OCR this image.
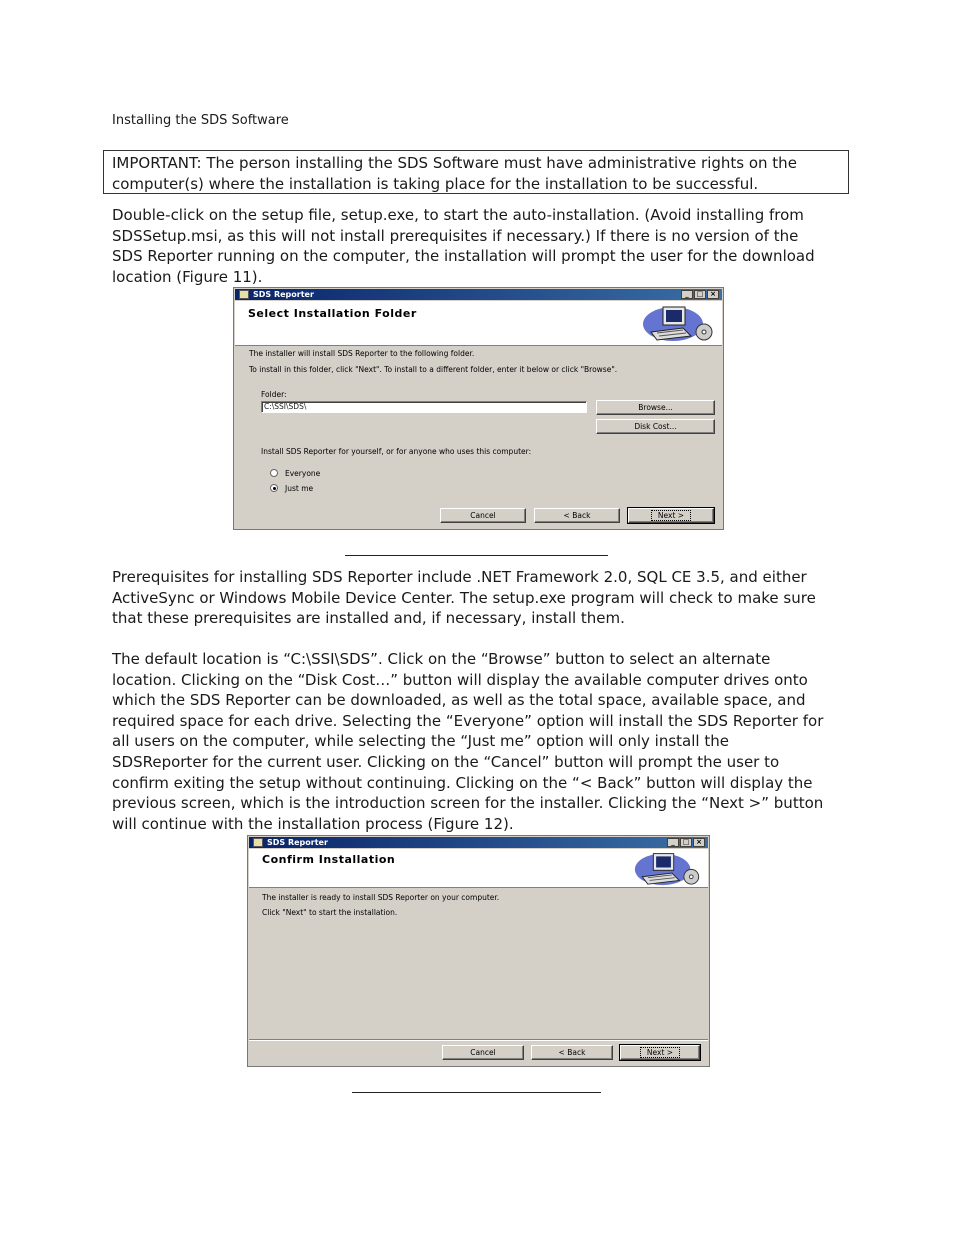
Installing the SDS Software
IMPORTANT: The person installing the SDS Software must have administrative rights on the
computer(s) where the installation is taking place for the installation to be successful.
Double-click on the setup file, setup.exe, to start the auto-installation. (Avoid installing from
SDSSetup.msi, as this will not install prerequisites if necessary.) If there is no version of the
SDS Reporter running on the computer, the installation will prompt the user for the download
location (Figure 11).
SDS Reporter	_	□ ×
Select Installation Folder
The installer will install SDS Reporter to the following folder.
To install in this folder, click "Next". To install to a different folder, enter it below or click "Browse".
Folder:
C:\SSI\SDS\	Browse...
Disk Cost...
Install SDS Reporter for yourself, or for anyone who uses this computer:
Everyone
Just me
Cancel	< Back	Next >
Prerequisites for installing SDS Reporter include .NET Framework 2.0, SQL CE 3.5, and either
ActiveSync or Windows Mobile Device Center. The setup.exe program will check to make sure
that these prerequisites are installed and, if necessary, install them.
The default location is “C:\SSI\SDS”. Click on the “Browse” button to select an alternate
location. Clicking on the “Disk Cost…” button will display the available computer drives onto
which the SDS Reporter can be downloaded, as well as the total space, available space, and
required space for each drive. Selecting the “Everyone” option will install the SDS Reporter for
all users on the computer, while selecting the “Just me” option will only install the
SDSReporter for the current user. Clicking on the “Cancel” button will prompt the user to
confirm exiting the setup without continuing. Clicking on the “< Back” button will display the
previous screen, which is the introduction screen for the installer. Clicking the “Next >” button
will continue with the installation process (Figure 12).
SDS Reporter	_	□ ×
Confirm Installation
The installer is ready to install SDS Reporter on your computer.
Click "Next" to start the installation.
Cancel	< Back	Next >
